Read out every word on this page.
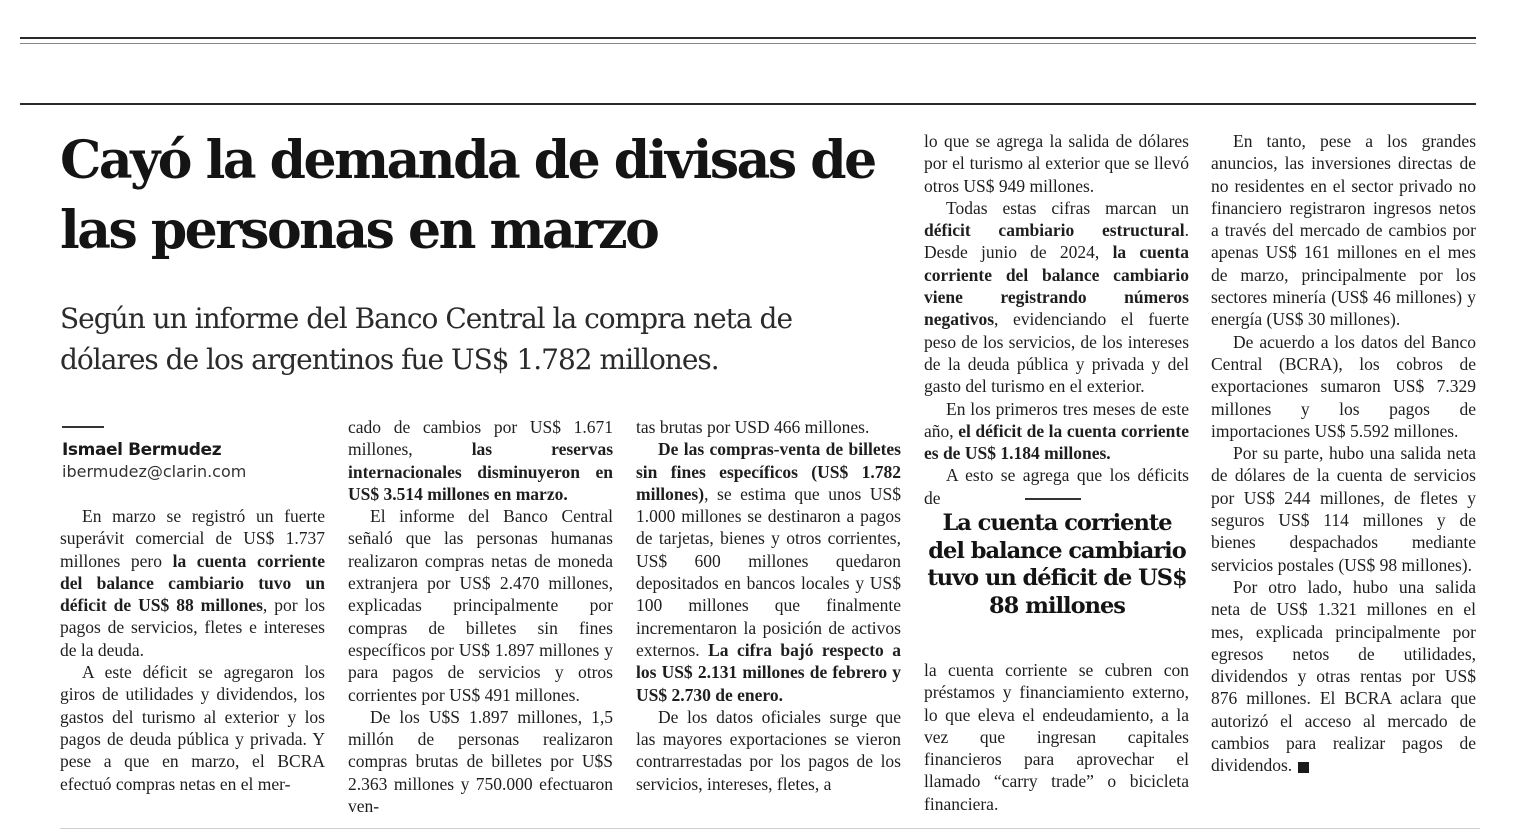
Cayó la demanda de divisas de las personas en marzo
Según un informe del Banco Central la compra neta de dólares de los argentinos fue US$ 1.782 millones.
Ismael Bermudez
ibermudez@clarin.com

En marzo se registró un fuerte superávit comercial de US$ 1.737 millones pero la cuenta corriente del balance cambiario tuvo un déficit de US$ 88 millones, por los pagos de servicios, fletes e intereses de la deuda.

A este déficit se agregaron los giros de utilidades y dividendos, los gastos del turismo al exterior y los pagos de deuda pública y privada. Y pese a que en marzo, el BCRA efectuó compras netas en el mer-

cado de cambios por US$ 1.671 millones, las reservas internacionales disminuyeron en US$ 3.514 millones en marzo.

El informe del Banco Central señaló que las personas humanas realizaron compras netas de moneda extranjera por US$ 2.470 millones, explicadas principalmente por compras de billetes sin fines específicos por US$ 1.897 millones y para pagos de servicios y otros corrientes por US$ 491 millones.

De los U$S 1.897 millones, 1,5 millón de personas realizaron compras brutas de billetes por U$S 2.363 millones y 750.000 efectuaron ven-

tas brutas por USD 466 millones.

De las compras-venta de billetes sin fines específicos (US$ 1.782 millones), se estima que unos US$ 1.000 millones se destinaron a pagos de tarjetas, bienes y otros corrientes, US$ 600 millones quedaron depositados en bancos locales y US$ 100 millones que finalmente incrementaron la posición de activos externos. La cifra bajó respecto a los US$ 2.131 millones de febrero y US$ 2.730 de enero.

De los datos oficiales surge que las mayores exportaciones se vieron contrarrestadas por los pagos de los servicios, intereses, fletes, a

lo que se agrega la salida de dólares por el turismo al exterior que se llevó otros US$ 949 millones.

Todas estas cifras marcan un déficit cambiario estructural. Desde junio de 2024, la cuenta corriente del balance cambiario viene registrando números negativos, evidenciando el fuerte peso de los servicios, de los intereses de la deuda pública y privada y del gasto del turismo en el exterior.

En los primeros tres meses de este año, el déficit de la cuenta corriente es de US$ 1.184 millones.

A esto se agrega que los déficits de

La cuenta corriente del balance cambiario tuvo un déficit de US$ 88 millones

la cuenta corriente se cubren con préstamos y financiamiento externo, lo que eleva el endeudamiento, a la vez que ingresan capitales financieros para aprovechar el llamado “carry trade” o bicicleta financiera.

En tanto, pese a los grandes anuncios, las inversiones directas de no residentes en el sector privado no financiero registraron ingresos netos a través del mercado de cambios por apenas US$ 161 millones en el mes de marzo, principalmente por los sectores minería (US$ 46 millones) y energía (US$ 30 millones).

De acuerdo a los datos del Banco Central (BCRA), los cobros de exportaciones sumaron US$ 7.329 millones y los pagos de importaciones US$ 5.592 millones.

Por su parte, hubo una salida neta de dólares de la cuenta de servicios por US$ 244 millones, de fletes y seguros US$ 114 millones y de bienes despachados mediante servicios postales (US$ 98 millones).

Por otro lado, hubo una salida neta de US$ 1.321 millones en el mes, explicada principalmente por egresos netos de utilidades, dividendos y otras rentas por US$ 876 millones. El BCRA aclara que autorizó el acceso al mercado de cambios para realizar pagos de dividendos.
